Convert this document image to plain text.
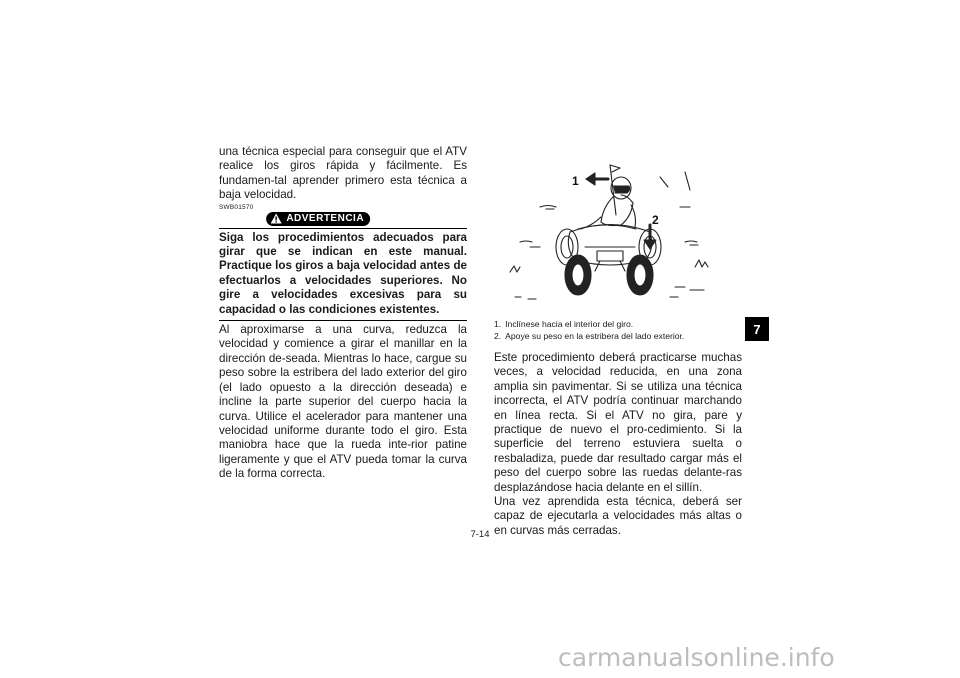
una técnica especial para conseguir que el ATV realice los giros rápida y fácilmente. Es fundamen-tal aprender primero esta técnica a baja velocidad.

SWB01570
ADVERTENCIA

Siga los procedimientos adecuados para girar que se indican en este manual. Practique los giros a baja velocidad antes de efectuarlos a velocidades superiores. No gire a velocidades excesivas para su capacidad o las condiciones existentes.

Al aproximarse a una curva, reduzca la velocidad y comience a girar el manillar en la dirección de-seada. Mientras lo hace, cargue su peso sobre la estribera del lado exterior del giro (el lado opuesto a la dirección deseada) e incline la parte superior del cuerpo hacia la curva. Utilice el acelerador para mantener una velocidad uniforme durante todo el giro. Esta maniobra hace que la rueda inte-rior patine ligeramente y que el ATV pueda tomar la curva de la forma correcta.

1
2
1. Inclínese hacia el interior del giro.
2. Apoye su peso en la estribera del lado exterior.

Este procedimiento deberá practicarse muchas veces, a velocidad reducida, en una zona amplia sin pavimentar. Si se utiliza una técnica incorrecta, el ATV podría continuar marchando en línea recta. Si el ATV no gira, pare y practique de nuevo el pro-cedimiento. Si la superficie del terreno estuviera suelta o resbaladiza, puede dar resultado cargar más el peso del cuerpo sobre las ruedas delante-ras desplazándose hacia delante en el sillín.

Una vez aprendida esta técnica, deberá ser capaz de ejecutarla a velocidades más altas o en curvas más cerradas.

7
7-14
carmanualsonline.info
